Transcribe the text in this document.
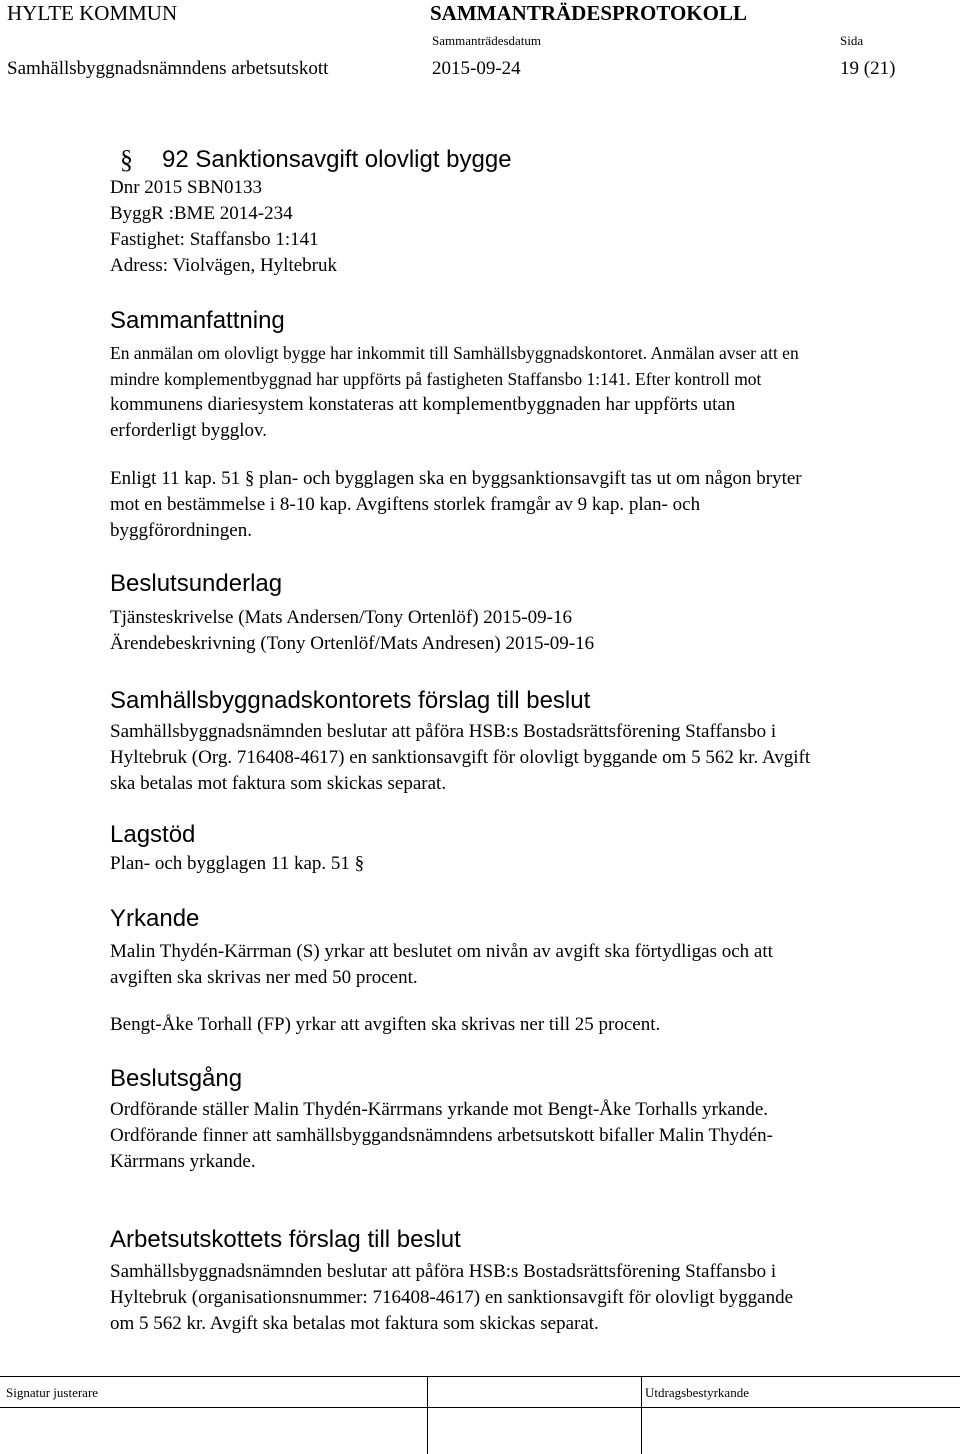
HYLTE KOMMUN	SAMMANTRÄDESPROTOKOLL
Sammanträdesdatum	Sida
Samhällsbyggnadsnämndens arbetsutskott	2015-09-24	19 (21)
§	92 Sanktionsavgift olovligt bygge
Dnr 2015 SBN0133
ByggR :BME 2014-234
Fastighet: Staffansbo 1:141
Adress: Violvägen, Hyltebruk
Sammanfattning
En anmälan om olovligt bygge har inkommit till Samhällsbyggnadskontoret. Anmälan avser att en
mindre komplementbyggnad har uppförts på fastigheten Staffansbo 1:141. Efter kontroll mot
kommunens diariesystem konstateras att komplementbyggnaden har uppförts utan
erforderligt bygglov.
Enligt 11 kap. 51 § plan- och bygglagen ska en byggsanktionsavgift tas ut om någon bryter
mot en bestämmelse i 8-10 kap. Avgiftens storlek framgår av 9 kap. plan- och
byggförordningen.
Beslutsunderlag
Tjänsteskrivelse (Mats Andersen/Tony Ortenlöf) 2015-09-16
Ärendebeskrivning (Tony Ortenlöf/Mats Andresen) 2015-09-16
Samhällsbyggnadskontorets förslag till beslut
Samhällsbyggnadsnämnden beslutar att påföra HSB:s Bostadsrättsförening Staffansbo i
Hyltebruk (Org. 716408-4617) en sanktionsavgift för olovligt byggande om 5 562 kr. Avgift
ska betalas mot faktura som skickas separat.
Lagstöd
Plan- och bygglagen 11 kap. 51 §
Yrkande
Malin Thydén-Kärrman (S) yrkar att beslutet om nivån av avgift ska förtydligas och att
avgiften ska skrivas ner med 50 procent.
Bengt-Åke Torhall (FP) yrkar att avgiften ska skrivas ner till 25 procent.
Beslutsgång
Ordförande ställer Malin Thydén-Kärrmans yrkande mot Bengt-Åke Torhalls yrkande.
Ordförande finner att samhällsbyggandsnämndens arbetsutskott bifaller Malin Thydén-
Kärrmans yrkande.
Arbetsutskottets förslag till beslut
Samhällsbyggnadsnämnden beslutar att påföra HSB:s Bostadsrättsförening Staffansbo i
Hyltebruk (organisationsnummer: 716408-4617) en sanktionsavgift för olovligt byggande
om 5 562 kr. Avgift ska betalas mot faktura som skickas separat.
Signatur justerare	Utdragsbestyrkande
